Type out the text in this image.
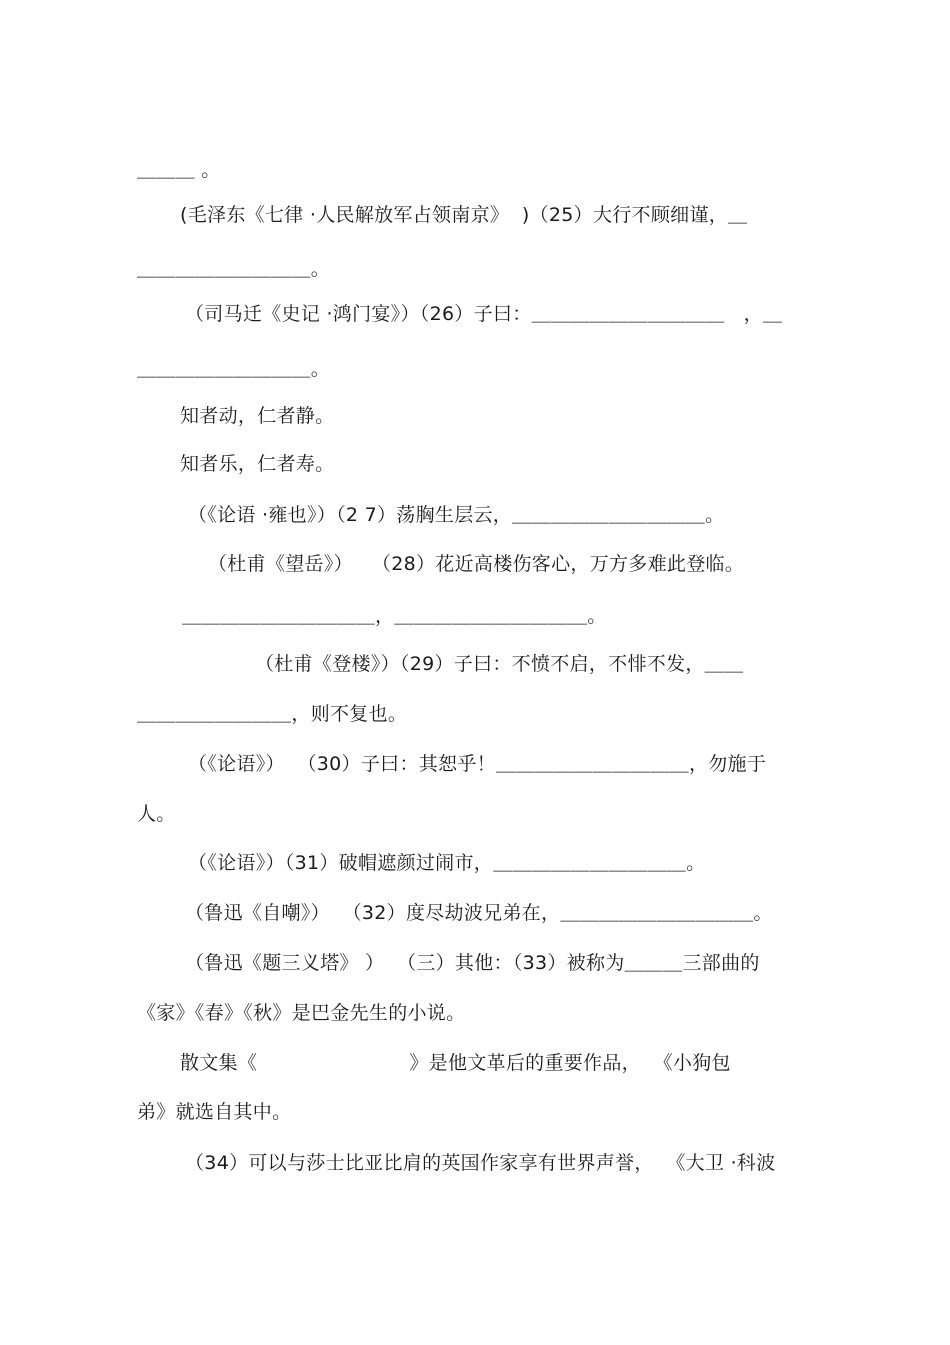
＿＿＿ 。
(毛泽东《七律 ·人民解放军占领南京》  )（25）大行不顾细谨，＿
＿＿＿＿＿＿＿＿＿。
（司马迁《史记 ·鸿门宴》）（26）子曰：＿＿＿＿＿＿＿＿＿＿   ，＿
＿＿＿＿＿＿＿＿＿。
知者动，仁者静。
知者乐，仁者寿。
（《论语 ·雍也》）（2 7）荡胸生层云，＿＿＿＿＿＿＿＿＿＿。
（杜甫《望岳》）   （28）花近高楼伤客心，万方多难此登临。
＿＿＿＿＿＿＿＿＿＿，＿＿＿＿＿＿＿＿＿＿。
（杜甫《登楼》）（29）子曰：不愤不启，不悱不发，＿＿
＿＿＿＿＿＿＿＿，则不复也。
（《论语》）  （30）子曰：其恕乎！＿＿＿＿＿＿＿＿＿＿，勿施于
人。
（《论语》）（31）破帽遮颜过闹市，＿＿＿＿＿＿＿＿＿＿。
（鲁迅《自嘲》）  （32）度尽劫波兄弟在，＿＿＿＿＿＿＿＿＿＿。
（鲁迅《题三义塔》 ）  （三）其他：（33）被称为＿＿＿三部曲的
《家》《春》《秋》是巴金先生的小说。
散文集《                        》是他文革后的重要作品，  《小狗包
弟》就选自其中。
（34）可以与莎士比亚比肩的英国作家享有世界声誉，  《大卫 ·科波
